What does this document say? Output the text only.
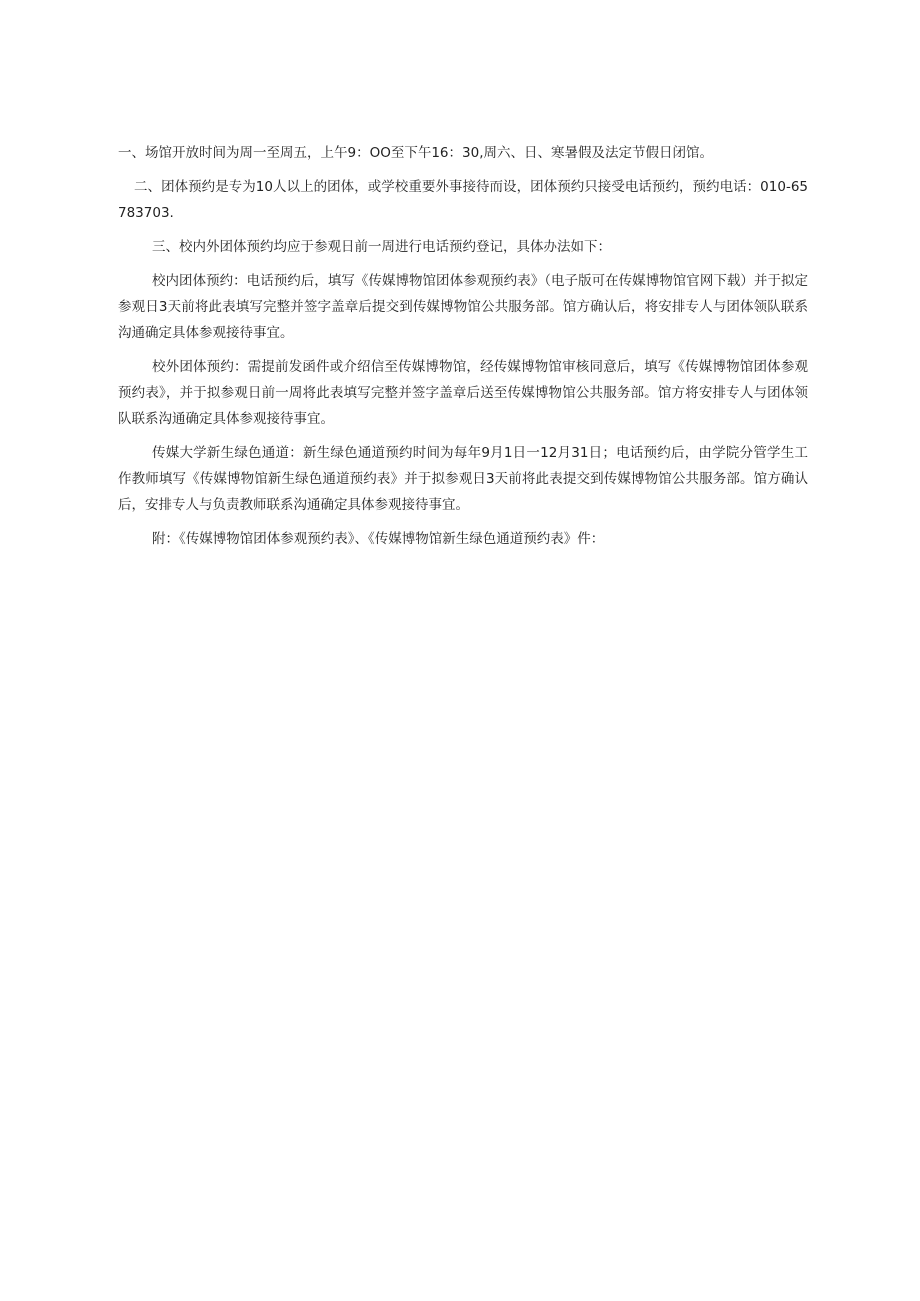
一、场馆开放时间为周一至周五，上午9：OO至下午16：30,周六、日、寒暑假及法定节假日闭馆。

二、团体预约是专为10人以上的团体，或学校重要外事接待而设，团体预约只接受电话预约，预约电话：010-65783703.

三、校内外团体预约均应于参观日前一周进行电话预约登记，具体办法如下：

校内团体预约：电话预约后，填写《传媒博物馆团体参观预约表》（电子版可在传媒博物馆官网下载）并于拟定参观日3天前将此表填写完整并签字盖章后提交到传媒博物馆公共服务部。馆方确认后，将安排专人与团体领队联系沟通确定具体参观接待事宜。

校外团体预约：需提前发函件或介绍信至传媒博物馆，经传媒博物馆审核同意后，填写《传媒博物馆团体参观预约表》，并于拟参观日前一周将此表填写完整并签字盖章后送至传媒博物馆公共服务部。馆方将安排专人与团体领队联系沟通确定具体参观接待事宜。

传媒大学新生绿色通道：新生绿色通道预约时间为每年9月1日一12月31日；电话预约后，由学院分管学生工作教师填写《传媒博物馆新生绿色通道预约表》并于拟参观日3天前将此表提交到传媒博物馆公共服务部。馆方确认后，安排专人与负责教师联系沟通确定具体参观接待事宜。

附：《传媒博物馆团体参观预约表》、《传媒博物馆新生绿色通道预约表》件：
